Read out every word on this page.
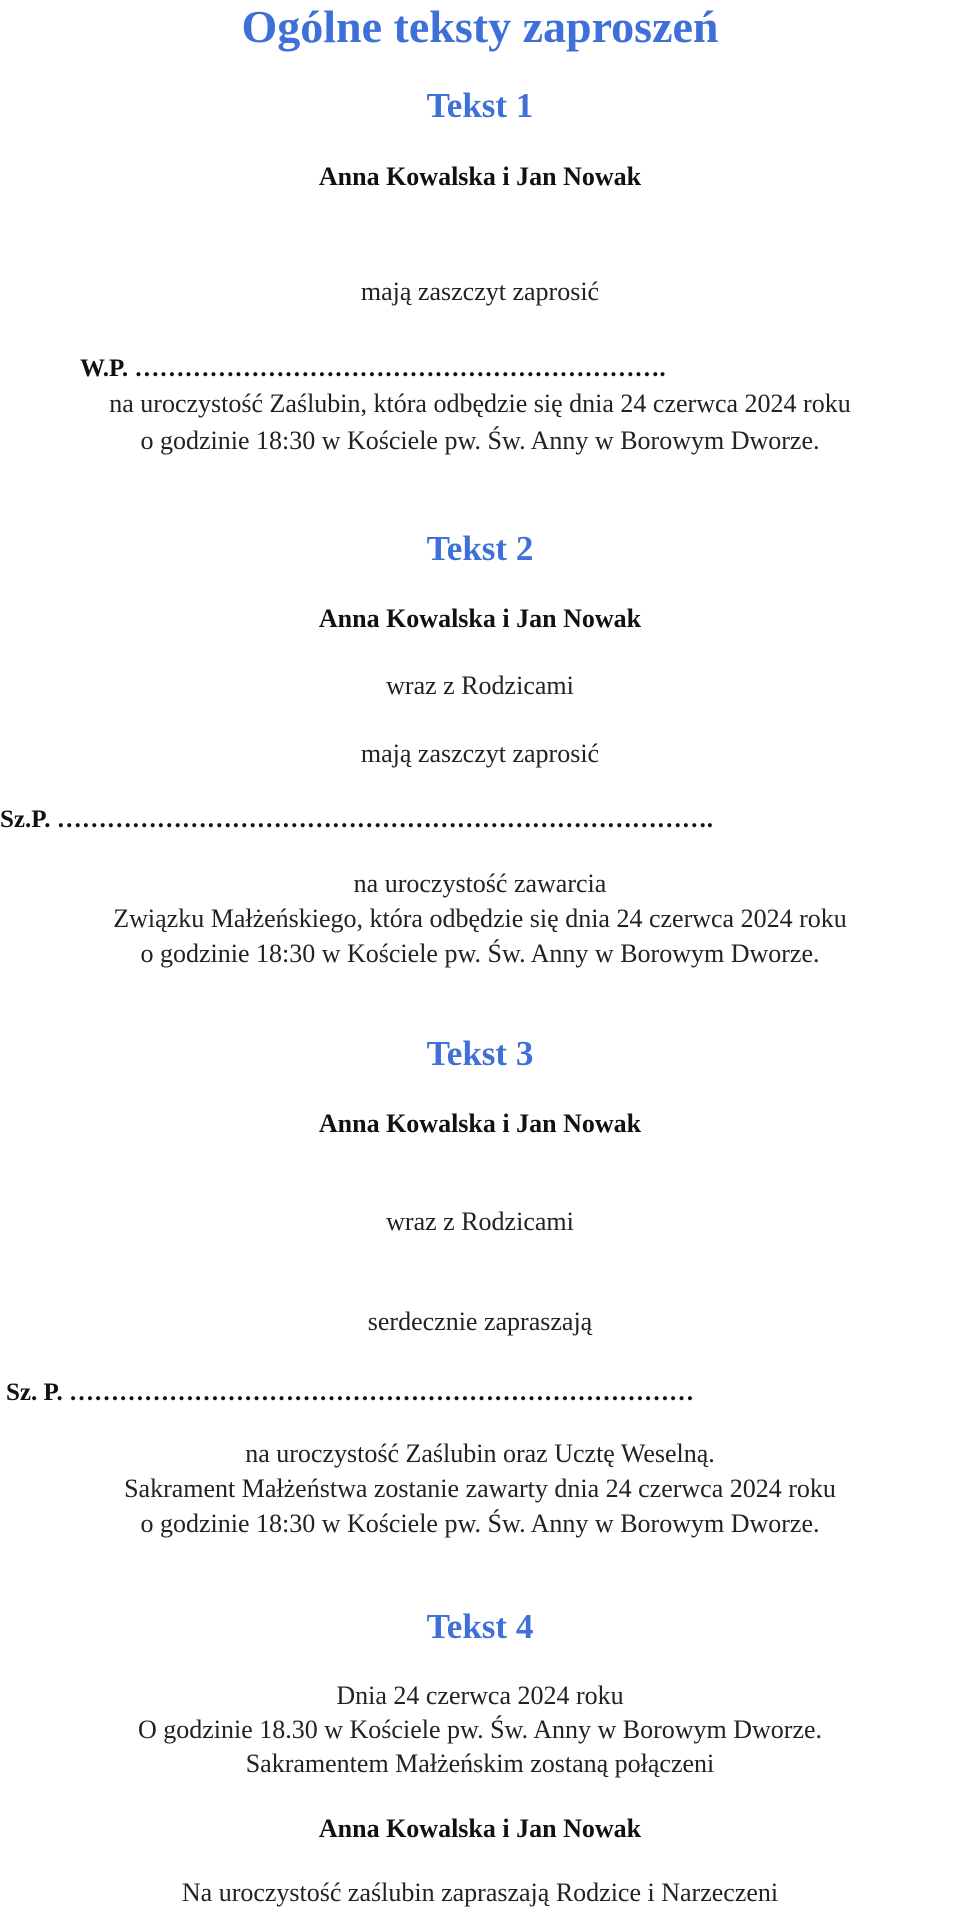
Ogólne teksty zaproszeń
Tekst 1
Anna Kowalska i Jan Nowak
mają zaszczyt zaprosić
W.P. ……………………………………………………….
na uroczystość Zaślubin, która odbędzie się dnia 24 czerwca 2024 roku
o godzinie 18:30 w Kościele pw. Św. Anny w Borowym Dworze.
Tekst 2
Anna Kowalska i Jan Nowak
wraz z Rodzicami
mają zaszczyt zaprosić
Sz.P. …………………………………………………………………….
na uroczystość zawarcia
Związku Małżeńskiego, która odbędzie się dnia 24 czerwca 2024 roku
o godzinie 18:30 w Kościele pw. Św. Anny w Borowym Dworze.
Tekst 3
Anna Kowalska i Jan Nowak
wraz z Rodzicami
serdecznie zapraszają
Sz. P. …………………………………………………………………
na uroczystość Zaślubin oraz Ucztę Weselną.
Sakrament Małżeństwa zostanie zawarty dnia 24 czerwca 2024 roku
o godzinie 18:30 w Kościele pw. Św. Anny w Borowym Dworze.
Tekst 4
Dnia 24 czerwca 2024 roku
O godzinie 18.30 w Kościele pw. Św. Anny w Borowym Dworze.
Sakramentem Małżeńskim zostaną połączeni
Anna Kowalska i Jan Nowak
Na uroczystość zaślubin zapraszają Rodzice i Narzeczeni
